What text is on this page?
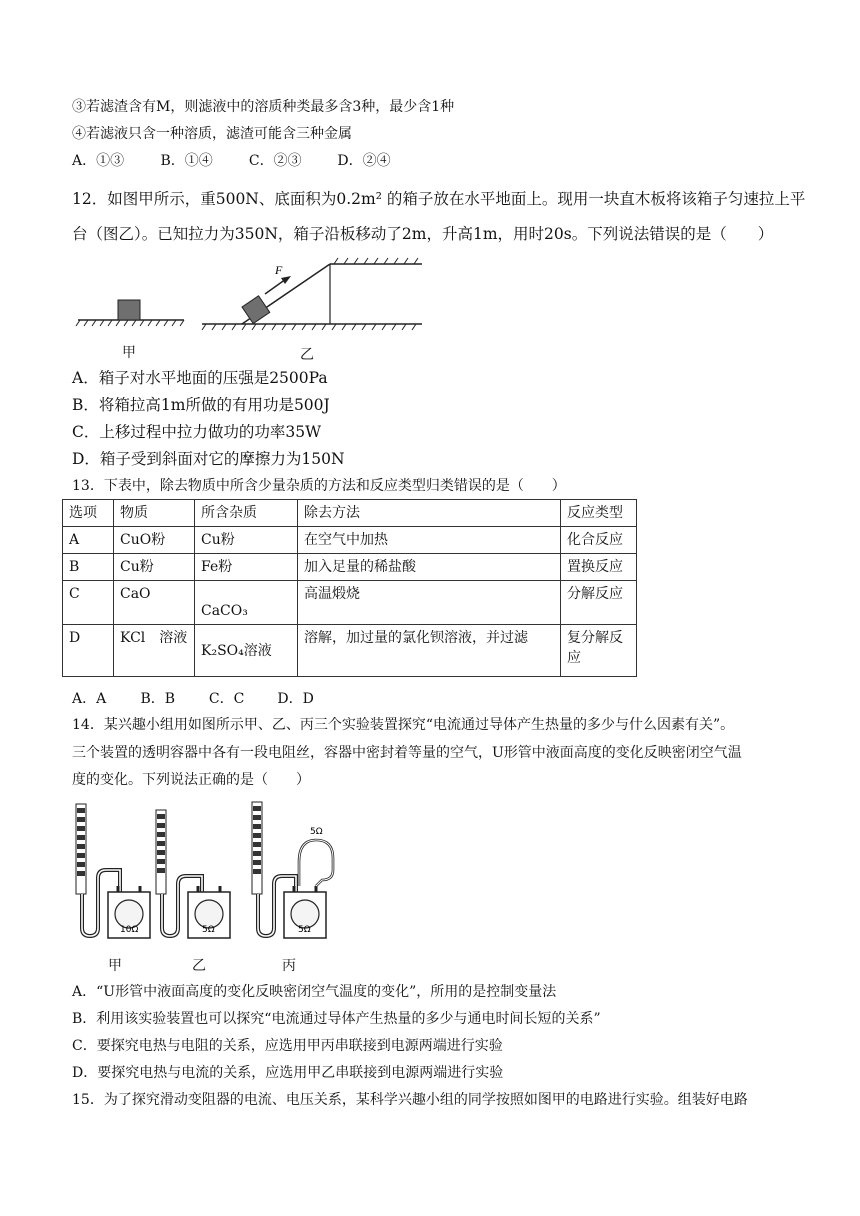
③若滤渣含有M，则滤液中的溶质种类最多含3种，最少含1种
④若滤液只含一种溶质，滤渣可能含三种金属
A．①③	B．①④	C．②③	D．②④
12．如图甲所示，重500N、底面积为0.2m² 的箱子放在水平地面上。现用一块直木板将该箱子匀速拉上平
台（图乙）。已知拉力为350N，箱子沿板移动了2m，升高1m，用时20s。下列说法错误的是（　　）
F
甲	乙
A．箱子对水平地面的压强是2500Pa
B．将箱拉高1m所做的有用功是500J
C．上移过程中拉力做功的功率35W
D．箱子受到斜面对它的摩擦力为150N
13．下表中，除去物质中所含少量杂质的方法和反应类型归类错误的是（　　）
选项	物质	所含杂质	除去方法	反应类型
A	CuO粉	Cu粉	在空气中加热	化合反应
B	Cu粉	Fe粉	加入足量的稀盐酸	置换反应
C	CaO	CaCO₃	高温煅烧	分解反应
D	KCl　溶液	K₂SO₄溶液	溶解，加过量的氯化钡溶液，并过滤	复分解反应
A．A B．B C．C D．D
14．某兴趣小组用如图所示甲、乙、丙三个实验装置探究“电流通过导体产生热量的多少与什么因素有关”。
三个装置的透明容器中各有一段电阻丝，容器中密封着等量的空气，U形管中液面高度的变化反映密闭空气温
度的变化。下列说法正确的是（　　）
10Ω	5Ω	5Ω
5Ω
甲	乙	丙
A．“U形管中液面高度的变化反映密闭空气温度的变化”，所用的是控制变量法
B．利用该实验装置也可以探究“电流通过导体产生热量的多少与通电时间长短的关系”
C．要探究电热与电阻的关系，应选用甲丙串联接到电源两端进行实验
D．要探究电热与电流的关系，应选用甲乙串联接到电源两端进行实验
15．为了探究滑动变阻器的电流、电压关系，某科学兴趣小组的同学按照如图甲的电路进行实验。组装好电路
